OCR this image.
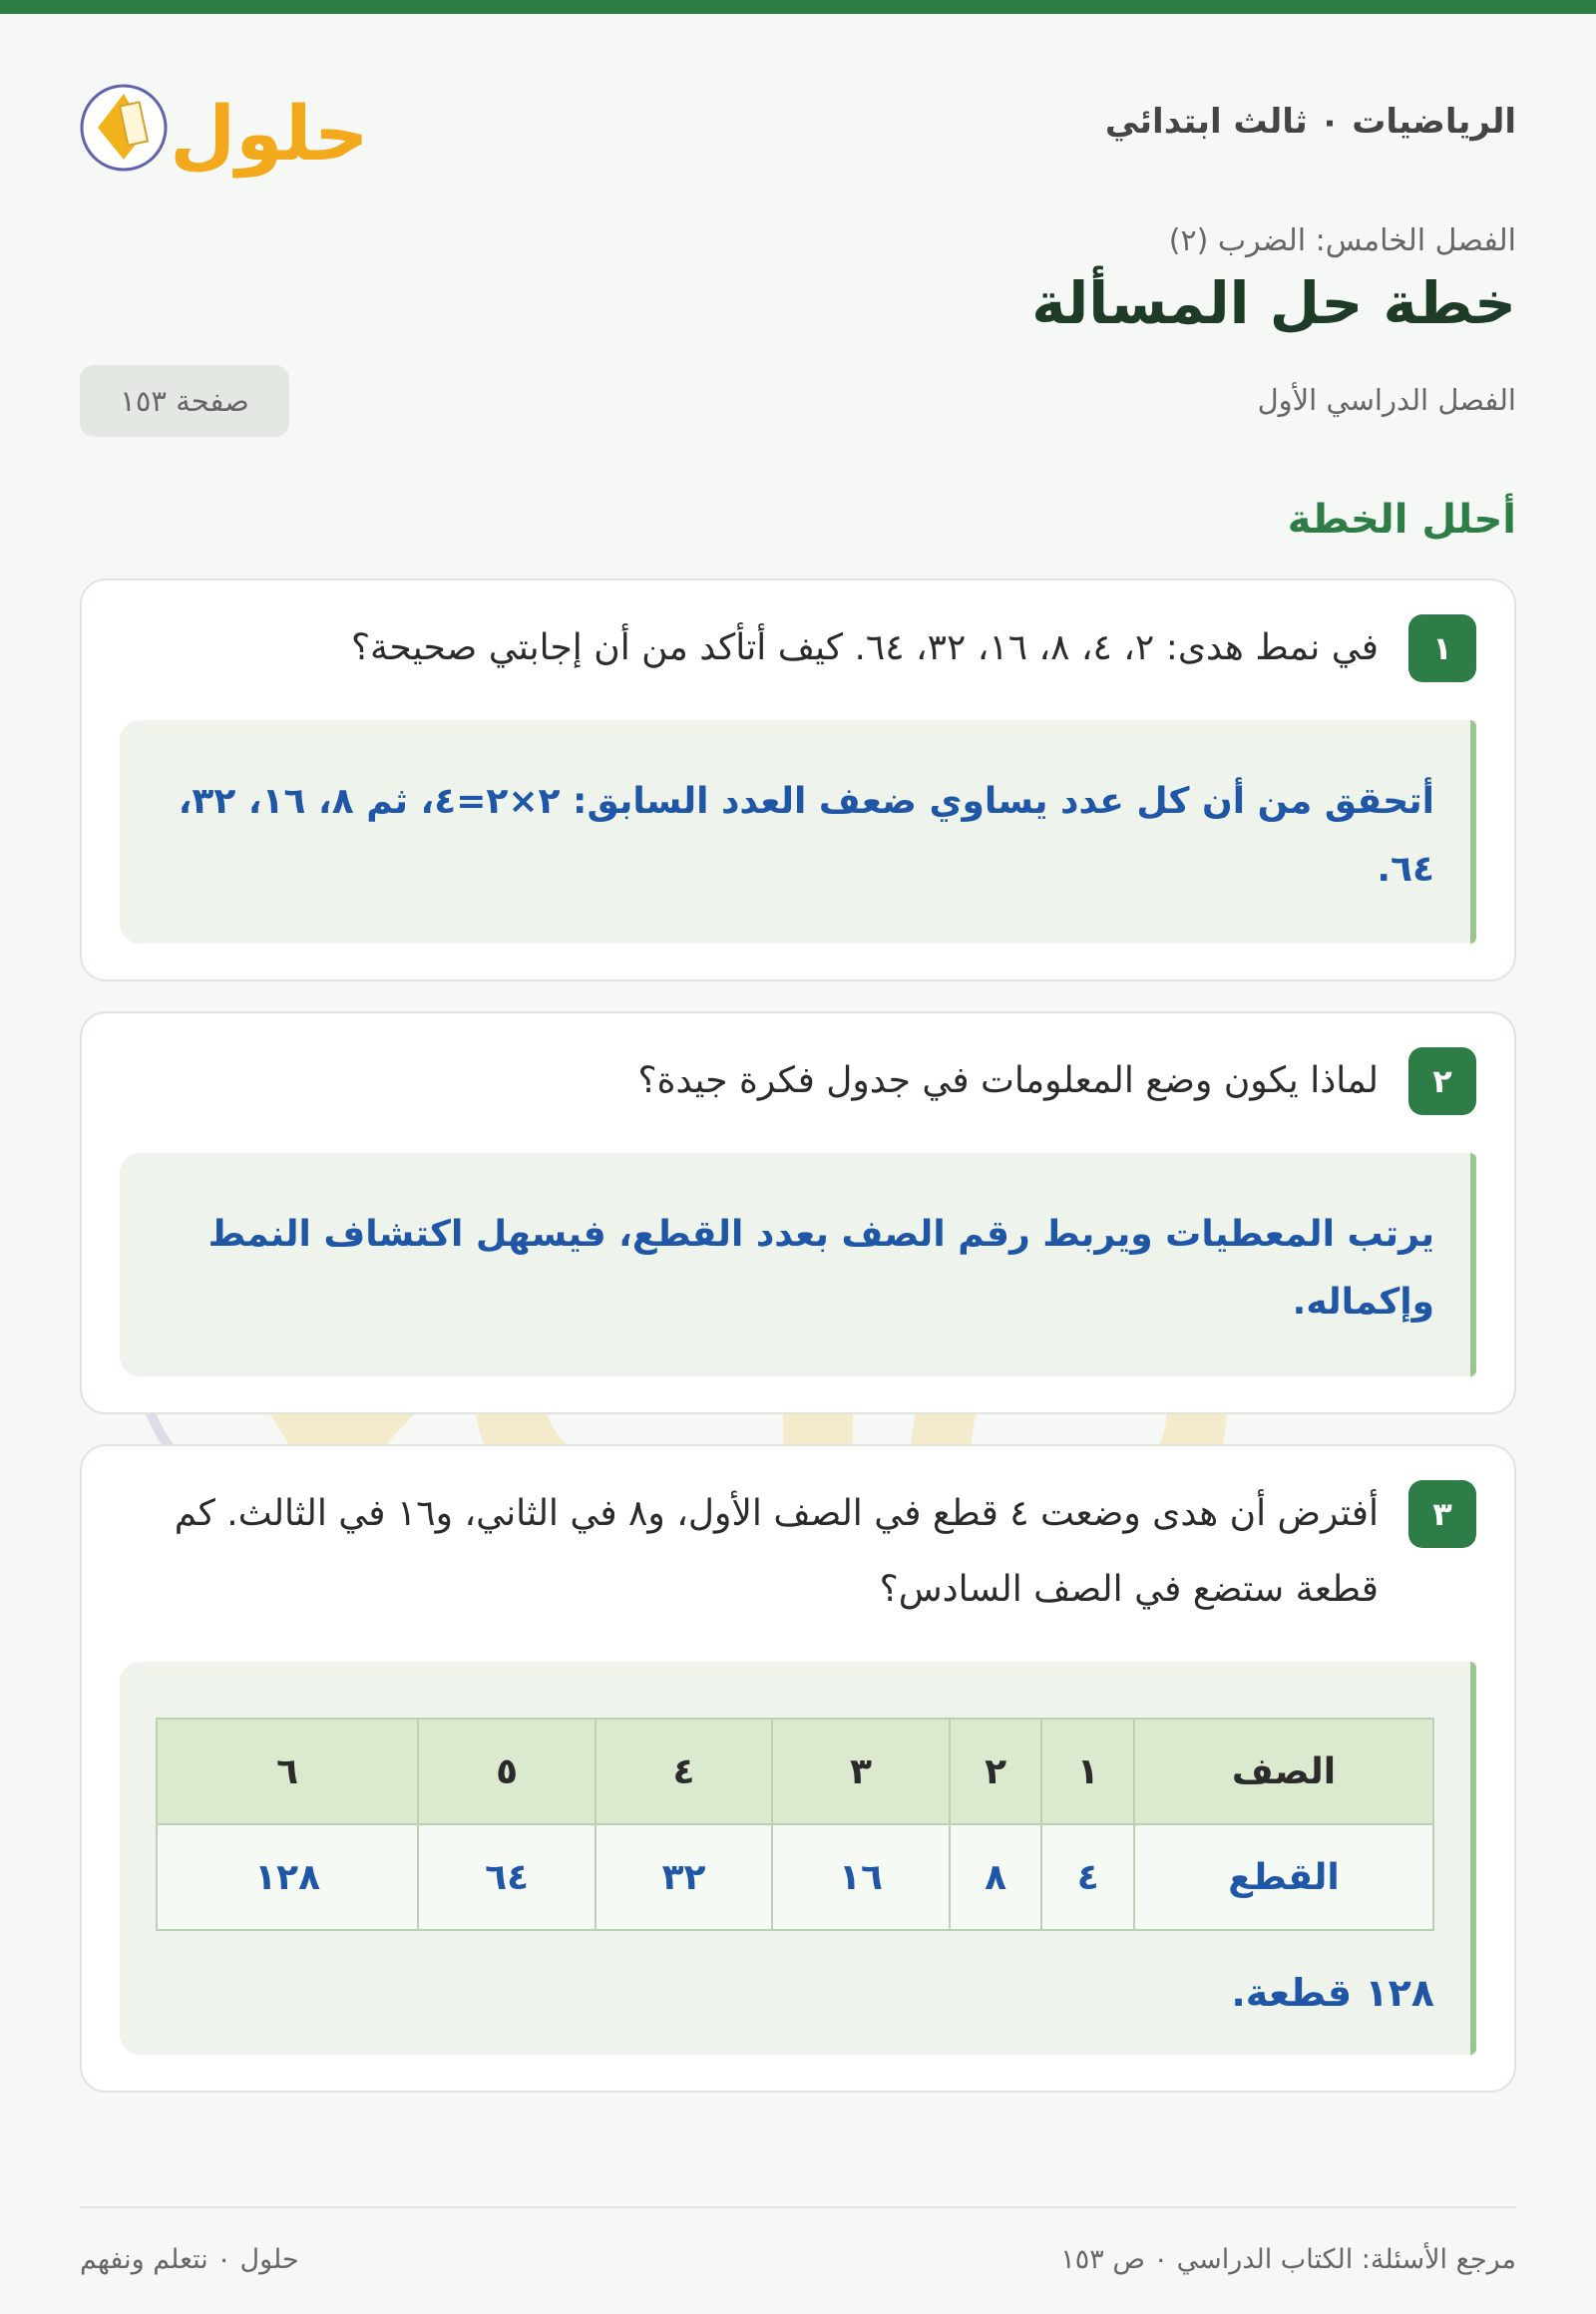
الرياضيات ٠ ثالث ابتدائي
حلول
الفصل الخامس: الضرب (٢)
خطة حل المسألة
الفصل الدراسي الأول
صفحة ١٥٣
أحلل الخطة
١
في نمط هدى: ٢، ٤، ٨، ١٦، ٣٢، ٦٤. كيف أتأكد من أن إجابتي صحيحة؟
أتحقق من أن كل عدد يساوي ضعف العدد السابق: ٢×٢=٤، ثم ٨، ١٦، ٣٢، ٦٤.
٢
لماذا يكون وضع المعلومات في جدول فكرة جيدة؟
يرتب المعطيات ويربط رقم الصف بعدد القطع، فيسهل اكتشاف النمط وإكماله.
٣
أفترض أن هدى وضعت ٤ قطع في الصف الأول، و٨ في الثاني، و١٦ في الثالث. كم قطعة ستضع في الصف السادس؟
الصف	١	٢	٣	٤	٥	٦
القطع	٤	٨	١٦	٣٢	٦٤	١٢٨
١٢٨ قطعة.
مرجع الأسئلة: الكتاب الدراسي ٠ ص ١٥٣
حلول ٠ نتعلم ونفهم
